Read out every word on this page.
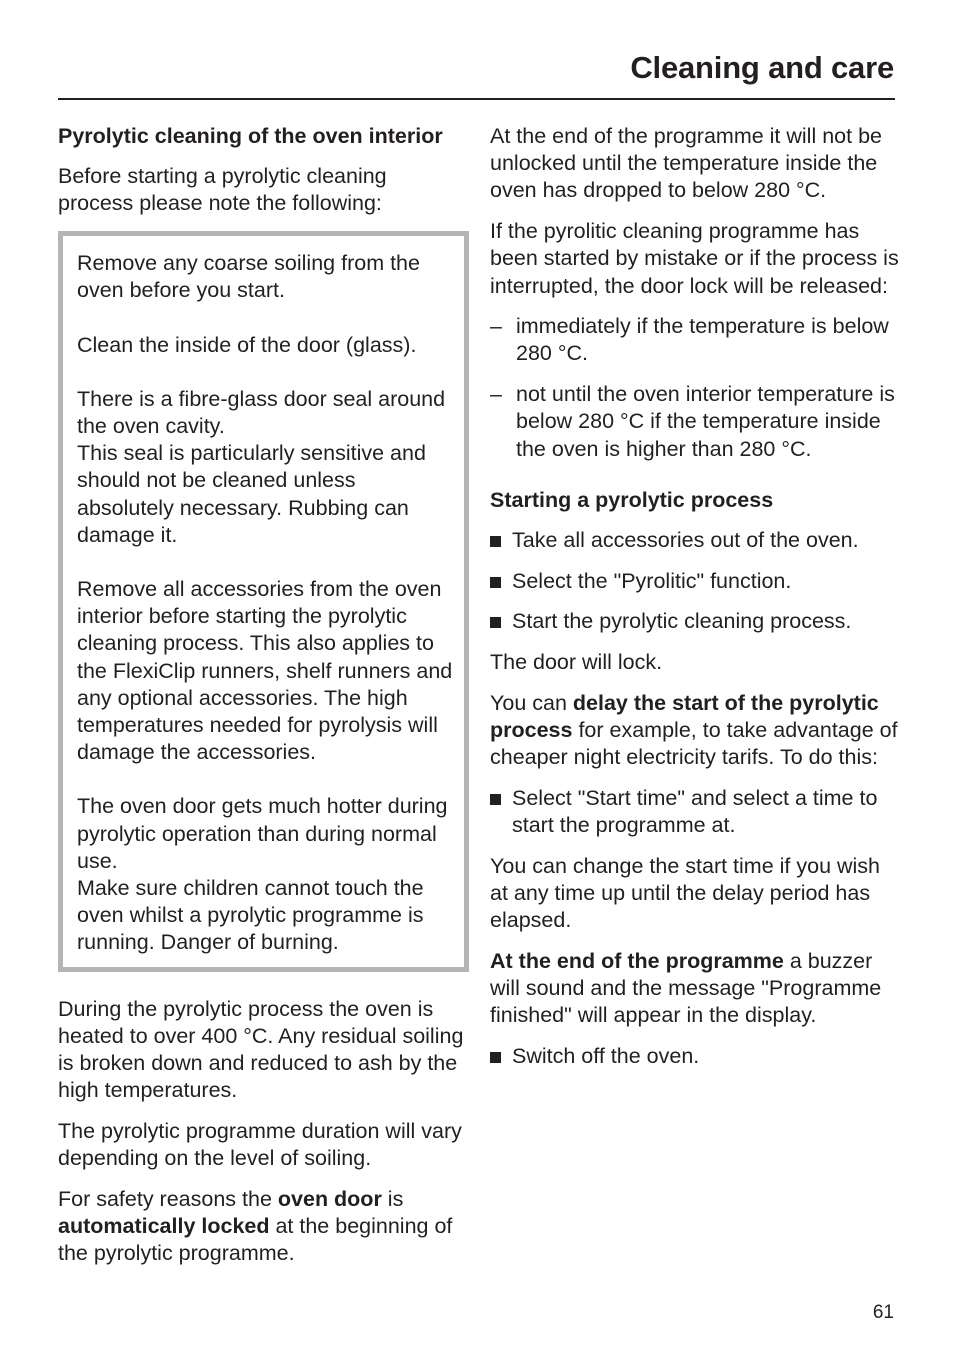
Cleaning and care

Pyrolytic cleaning of the oven interior

Before starting a pyrolytic cleaning process please note the following:

Remove any coarse soiling from the oven before you start.

Clean the inside of the door (glass).

There is a fibre-glass door seal around the oven cavity.
This seal is particularly sensitive and should not be cleaned unless absolutely necessary. Rubbing can damage it.

Remove all accessories from the oven interior before starting the pyrolytic cleaning process. This also applies to the FlexiClip runners, shelf runners and any optional accessories. The high temperatures needed for pyrolysis will damage the accessories.

The oven door gets much hotter during pyrolytic operation than during normal use.
Make sure children cannot touch the oven whilst a pyrolytic programme is running. Danger of burning.

During the pyrolytic process the oven is heated to over 400 °C. Any residual soiling is broken down and reduced to ash by the high temperatures.

The pyrolytic programme duration will vary depending on the level of soiling.

For safety reasons the oven door is automatically locked at the beginning of the pyrolytic programme.

At the end of the programme it will not be unlocked until the temperature inside the oven has dropped to below 280 °C.

If the pyrolitic cleaning programme has been started by mistake or if the process is interrupted, the door lock will be released:

– immediately if the temperature is below 280 °C.
– not until the oven interior temperature is below 280 °C if the temperature inside the oven is higher than 280 °C.

Starting a pyrolytic process

Take all accessories out of the oven.
Select the "Pyrolitic" function.
Start the pyrolytic cleaning process.

The door will lock.

You can delay the start of the pyrolytic process for example, to take advantage of cheaper night electricity tarifs. To do this:

Select "Start time" and select a time to start the programme at.

You can change the start time if you wish at any time up until the delay period has elapsed.

At the end of the programme a buzzer will sound and the message "Programme finished" will appear in the display.

Switch off the oven.
61
